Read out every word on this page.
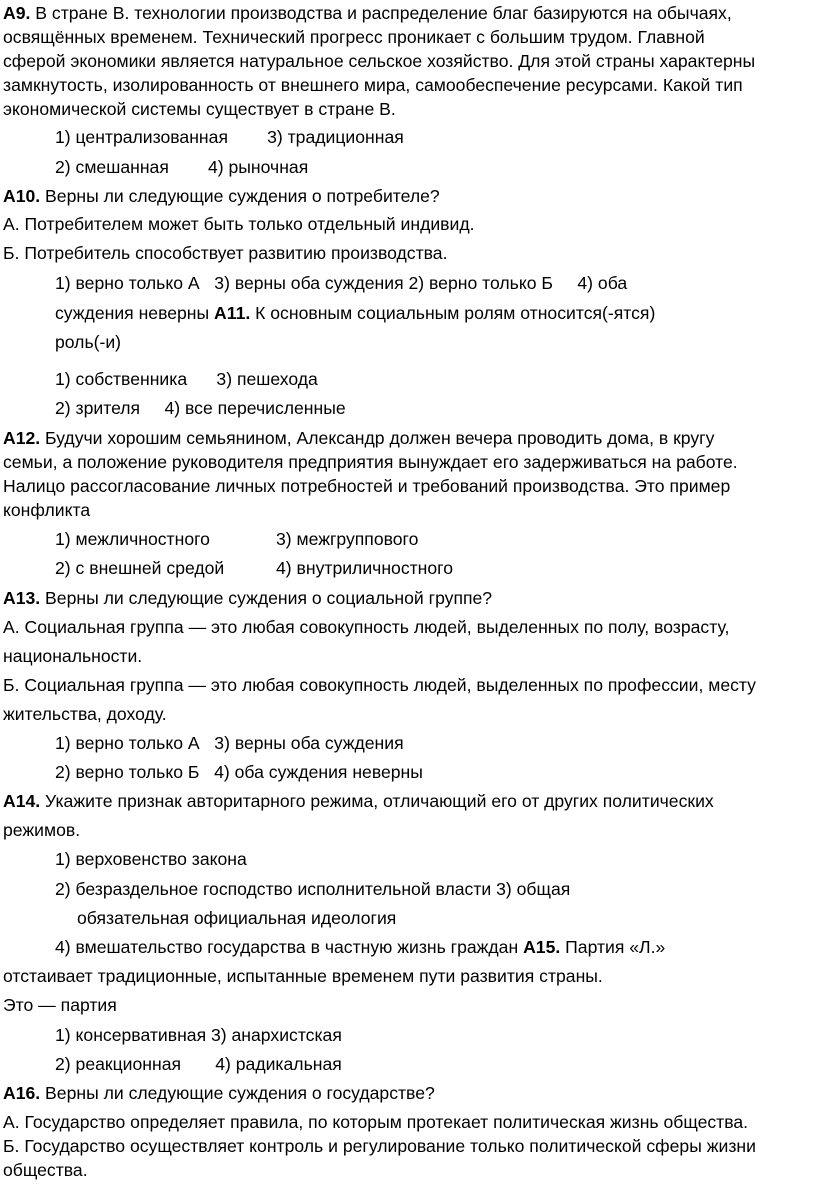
А9. В стране В. технологии производства и распределение благ базируются на обычаях,
освящённых временем. Технический прогресс проникает с большим трудом. Главной
сферой экономики является натуральное сельское хозяйство. Для этой страны характерны
замкнутость, изолированность от внешнего мира, самообеспечение ресурсами. Какой тип
экономической системы существует в стране В.
1) централизованная        3) традиционная
2) смешанная        4) рыночная
А10. Верны ли следующие суждения о потребителе?
А. Потребителем может быть только отдельный индивид.
Б. Потребитель способствует развитию производства.
1) верно только А   3) верны оба суждения 2) верно только Б     4) оба
суждения неверны А11. К основным социальным ролям относится(-ятся)
роль(-и)
1) собственника      3) пешехода
2) зрителя     4) все перечисленные
А12. Будучи хорошим семьянином, Александр должен вечера проводить дома, в кругу
семьи, а положение руководителя предприятия вынуждает его задерживаться на работе.
Налицо рассогласование личных потребностей и требований производства. Это пример
конфликта
1) межличностного	3) межгруппового
2) с внешней средой	4) внутриличностного
А13. Верны ли следующие суждения о социальной группе?
А. Социальная группа — это любая совокупность людей, выделенных по полу, возрасту,
национальности.
Б. Социальная группа — это любая совокупность людей, выделенных по профессии, месту
жительства, доходу.
1) верно только А   3) верны оба суждения
2) верно только Б   4) оба суждения неверны
А14. Укажите признак авторитарного режима, отличающий его от других политических
режимов.
1) верховенство закона
2) безраздельное господство исполнительной власти 3) общая
обязательная официальная идеология
4) вмешательство государства в частную жизнь граждан А15. Партия «Л.»
отстаивает традиционные, испытанные временем пути развития страны.
Это — партия
1) консервативная 3) анархистская
2) реакционная       4) радикальная
А16. Верны ли следующие суждения о государстве?
А. Государство определяет правила, по которым протекает политическая жизнь общества.
Б. Государство осуществляет контроль и регулирование только политической сферы жизни
общества.
